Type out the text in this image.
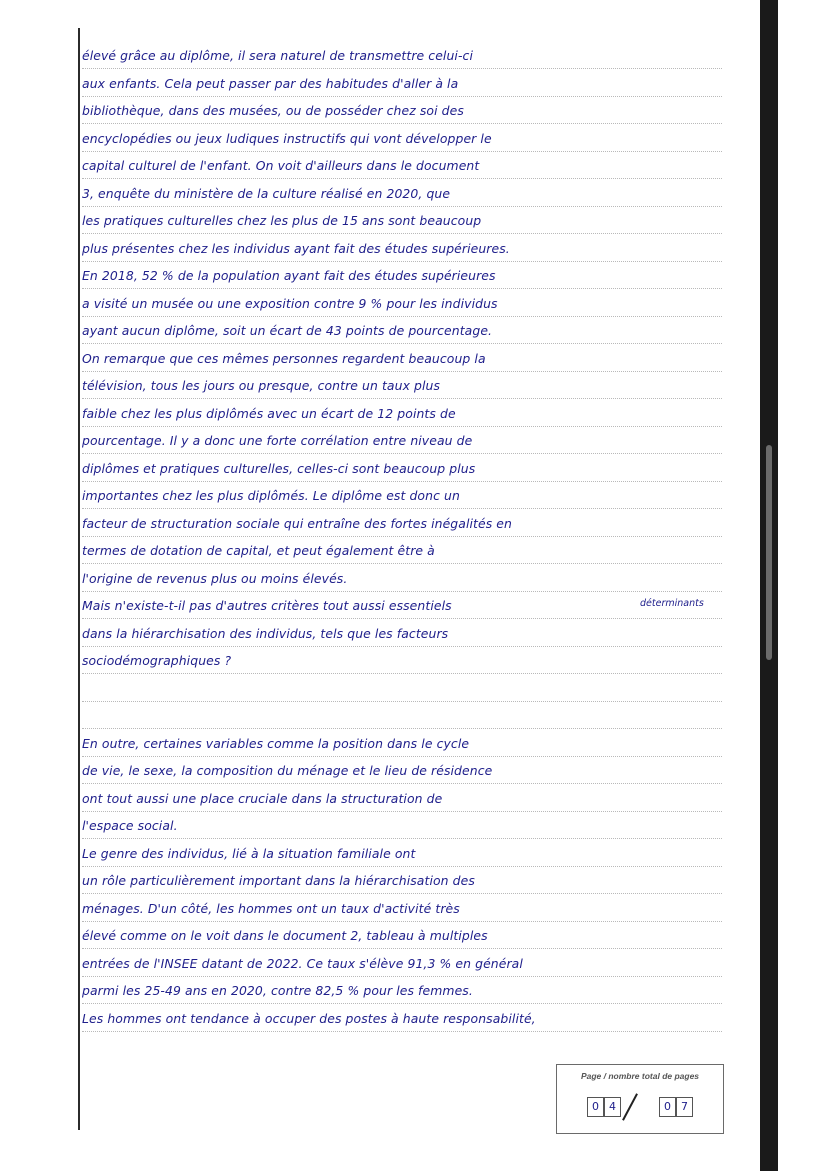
élevé grâce au diplôme, il sera naturel de transmettre celui-ci
aux enfants. Cela peut passer par des habitudes d'aller à la
bibliothèque, dans des musées, ou de posséder chez soi des
encyclopédies ou jeux ludiques instructifs qui vont développer le
capital culturel de l'enfant. On voit d'ailleurs dans le document
3, enquête du ministère de la culture réalisé en 2020, que
les pratiques culturelles chez les plus de 15 ans sont beaucoup
plus présentes chez les individus ayant fait des études supérieures.
En 2018, 52 % de la population ayant fait des études supérieures
a visité un musée ou une exposition contre 9 % pour les individus
ayant aucun diplôme, soit un écart de 43 points de pourcentage.
On remarque que ces mêmes personnes regardent beaucoup la
télévision, tous les jours ou presque, contre un taux plus
faible chez les plus diplômés avec un écart de 12 points de
pourcentage. Il y a donc une forte corrélation entre niveau de
diplômes et pratiques culturelles, celles-ci sont beaucoup plus
importantes chez les plus diplômés. Le diplôme est donc un
facteur de structuration sociale qui entraîne des fortes inégalités en
termes de dotation de capital, et peut également être à
l'origine de revenus plus ou moins élevés.
Mais n'existe-t-il pas d'autres critères tout aussi essentiels
dans la hiérarchisation des individus, tels que les facteurs
sociodémographiques ?
En outre, certaines variables comme la position dans le cycle
de vie, le sexe, la composition du ménage et le lieu de résidence
ont tout aussi une place cruciale dans la structuration de
l'espace social.
Le genre des individus, lié à la situation familiale ont
un rôle particulièrement important dans la hiérarchisation des
ménages. D'un côté, les hommes ont un taux d'activité très
élevé comme on le voit dans le document 2, tableau à multiples
entrées de l'INSEE datant de 2022. Ce taux s'élève 91,3 % en général
parmi les 25-49 ans en 2020, contre 82,5 % pour les femmes.
Les hommes ont tendance à occuper des postes à haute responsabilité,
déterminants
Page / nombre total de pages
0 4	0 7
